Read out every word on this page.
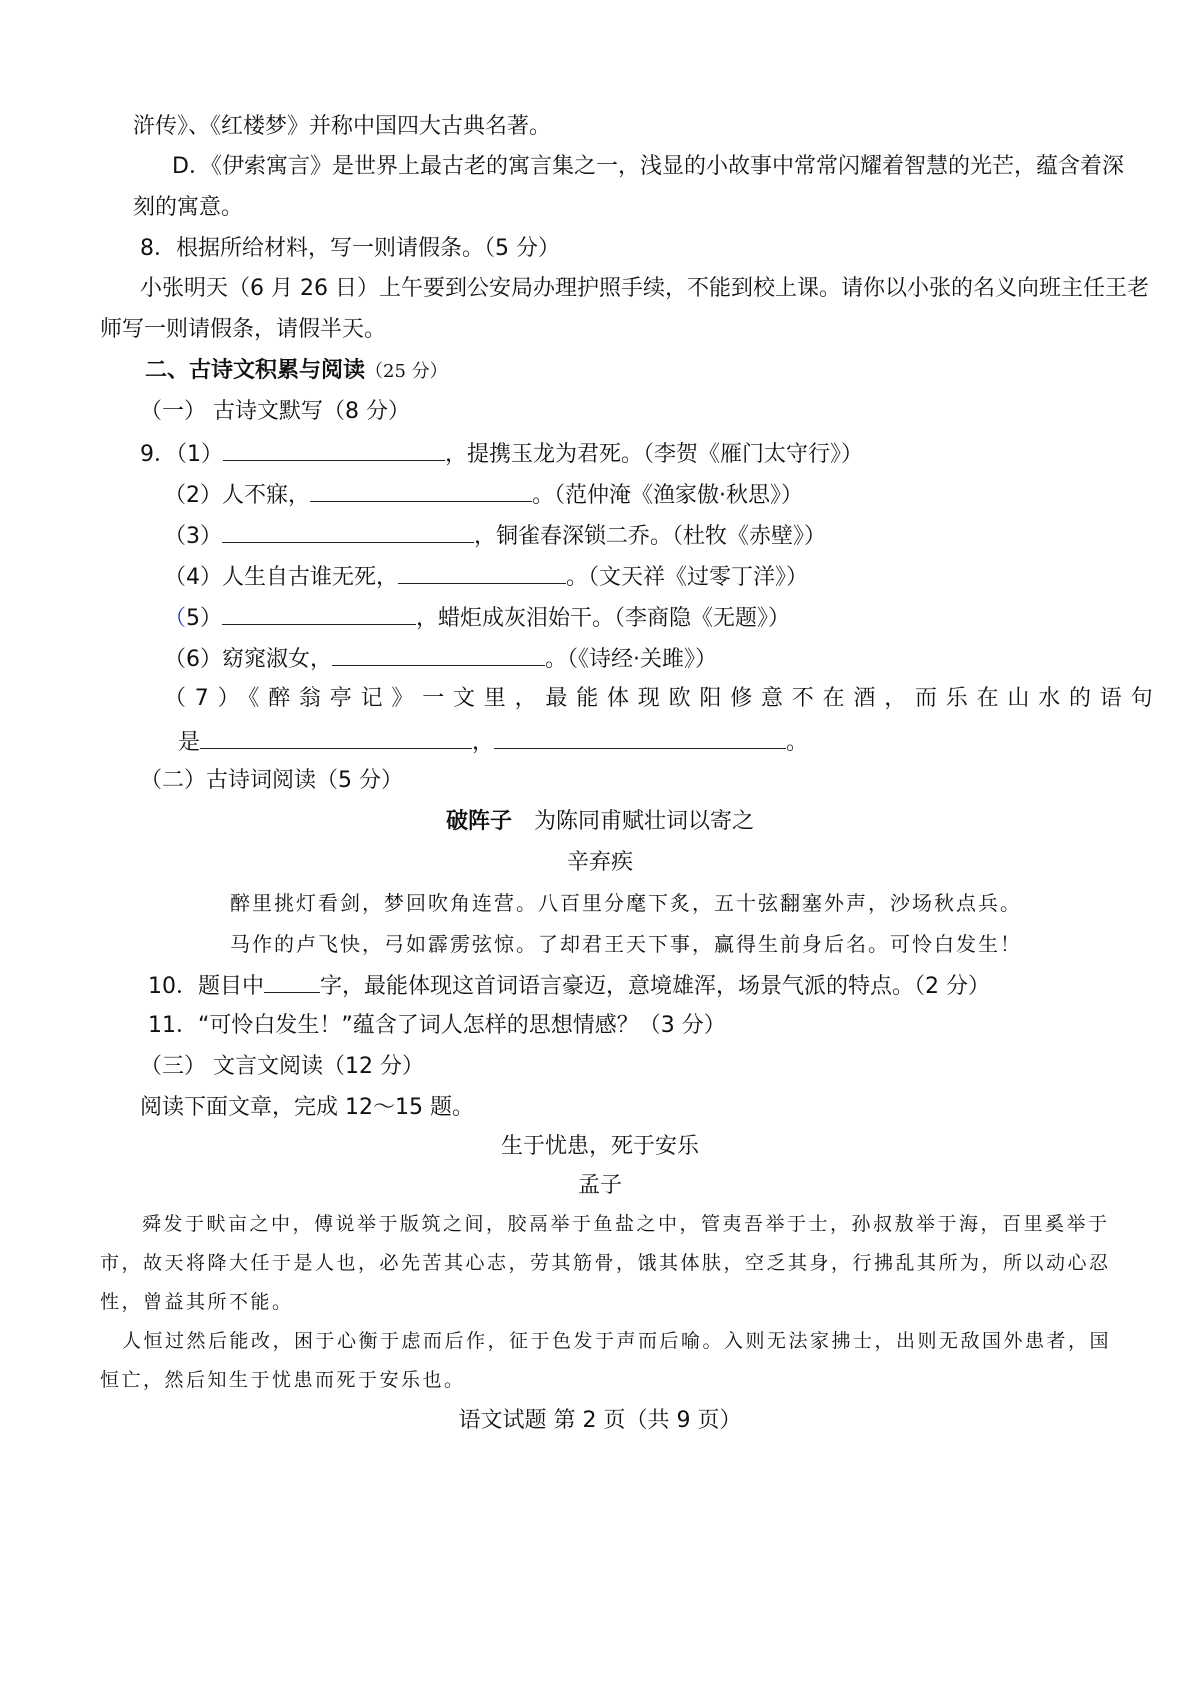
浒传》、《红楼梦》并称中国四大古典名著。
D．《伊索寓言》是世界上最古老的寓言集之一，浅显的小故事中常常闪耀着智慧的光芒，蕴含着深
刻的寓意。
8．根据所给材料，写一则请假条。（5 分）
小张明天（6 月 26 日）上午要到公安局办理护照手续，不能到校上课。请你以小张的名义向班主任王老
师写一则请假条，请假半天。
二、古诗文积累与阅读（25 分）
（一） 古诗文默写（8 分）
9．（1）	，提携玉龙为君死。（李贺《雁门太守行》）
（2）人不寐，	。（范仲淹《渔家傲·秋思》）
（3）	，铜雀春深锁二乔。（杜牧《赤壁》）
（4）人生自古谁无死，	。（文天祥《过零丁洋》）
（5）	，蜡炬成灰泪始干。（李商隐《无题》）
（6）窈窕淑女，	。（《诗经·关雎》）
（7）《醉翁亭记》一文里，最能体现欧阳修意不在酒，而乐在山水的语句
是	，	。
（二）古诗词阅读（5 分）
破阵子 为陈同甫赋壮词以寄之
辛弃疾
醉里挑灯看剑，梦回吹角连营。八百里分麾下炙，五十弦翻塞外声，沙场秋点兵。
马作的卢飞快，弓如霹雳弦惊。了却君王天下事，赢得生前身后名。可怜白发生！
10．题目中	字，最能体现这首词语言豪迈，意境雄浑，场景气派的特点。（2 分）
11．“可怜白发生！”蕴含了词人怎样的思想情感？（3 分）
（三） 文言文阅读（12 分）
阅读下面文章，完成 12～15 题。
生于忧患，死于安乐
孟子
舜发于畎亩之中，傅说举于版筑之间，胶鬲举于鱼盐之中，管夷吾举于士，孙叔敖举于海，百里奚举于
市，故天将降大任于是人也，必先苦其心志，劳其筋骨，饿其体肤，空乏其身，行拂乱其所为，所以动心忍
性，曾益其所不能。
人恒过然后能改，困于心衡于虑而后作，征于色发于声而后喻。入则无法家拂士，出则无敌国外患者，国
恒亡，然后知生于忧患而死于安乐也。
语文试题 第 2 页（共 9 页）
